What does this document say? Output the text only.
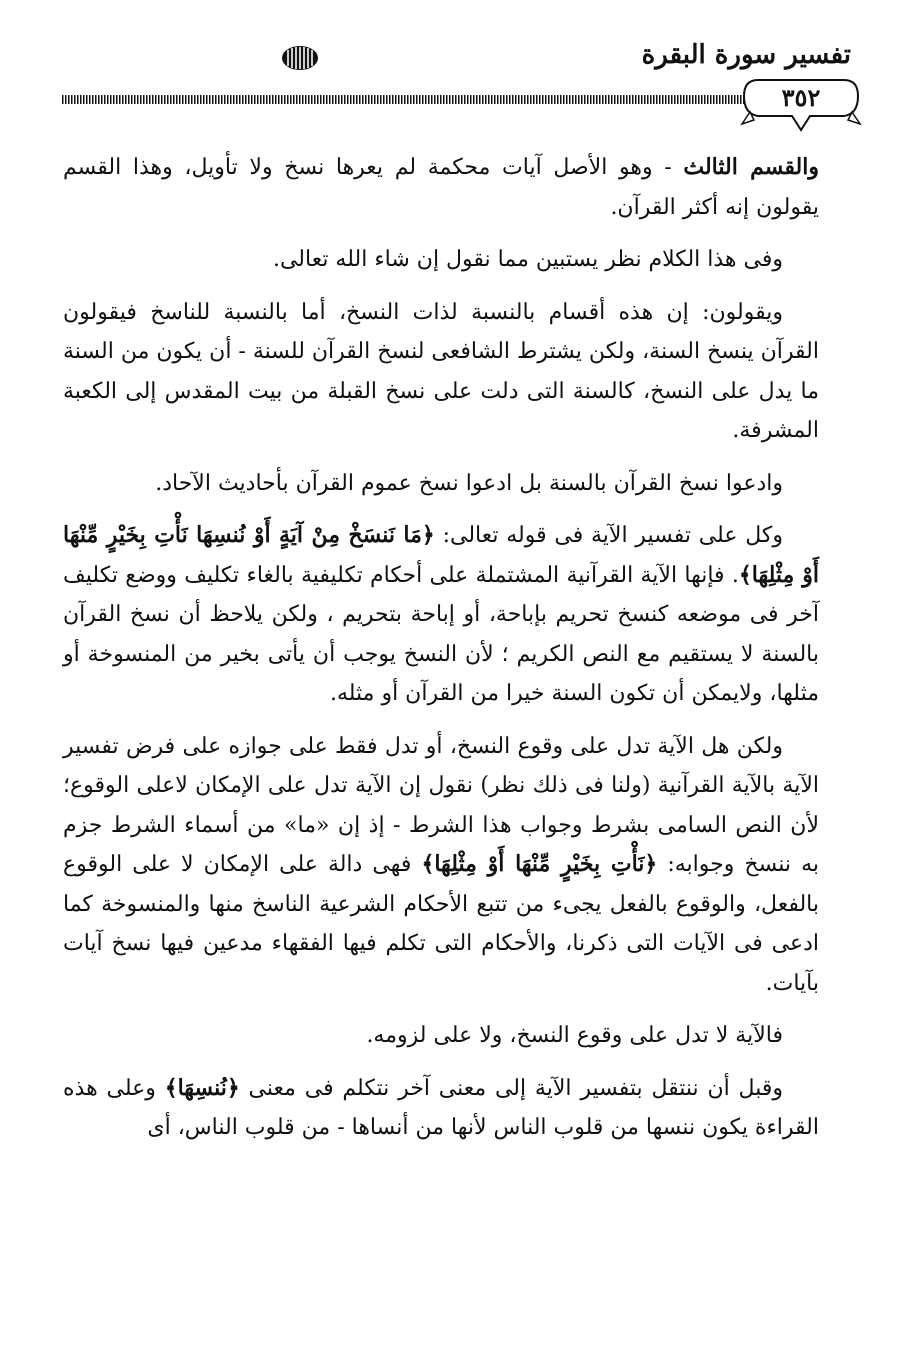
تفسير سورة البقرة
٣٥٢

والقسم الثالث - وهو الأصل آيات محكمة لم يعرها نسخ ولا تأويل، وهذا القسم يقولون إنه أكثر القرآن.

وفى هذا الكلام نظر يستبين مما نقول إن شاء الله تعالى.

ويقولون: إن هذه أقسام بالنسبة لذات النسخ، أما بالنسبة للناسخ فيقولون القرآن ينسخ السنة، ولكن يشترط الشافعى لنسخ القرآن للسنة - أن يكون من السنة ما يدل على النسخ، كالسنة التى دلت على نسخ القبلة من بيت المقدس إلى الكعبة المشرفة.

وادعوا نسخ القرآن بالسنة بل ادعوا نسخ عموم القرآن بأحاديث الآحاد.

وكل على تفسير الآية فى قوله تعالى: ﴿مَا نَنسَخْ مِنْ آيَةٍ أَوْ نُنسِهَا نَأْتِ بِخَيْرٍ مِّنْهَا أَوْ مِثْلِهَا﴾. فإنها الآية القرآنية المشتملة على أحكام تكليفية بالغاء تكليف ووضع تكليف آخر فى موضعه كنسخ تحريم بإباحة، أو إباحة بتحريم ، ولكن يلاحظ أن نسخ القرآن بالسنة لا يستقيم مع النص الكريم ؛ لأن النسخ يوجب أن يأتى بخير من المنسوخة أو مثلها، ولايمكن أن تكون السنة خيرا من القرآن أو مثله.

ولكن هل الآية تدل على وقوع النسخ، أو تدل فقط على جوازه على فرض تفسير الآية بالآية القرآنية (ولنا فى ذلك نظر) نقول إن الآية تدل على الإمكان لاعلى الوقوع؛ لأن النص السامى بشرط وجواب هذا الشرط - إذ إن «ما» من أسماء الشرط جزم به ننسخ وجوابه: ﴿نَأْتِ بِخَيْرٍ مِّنْهَا أَوْ مِثْلِهَا﴾ فهى دالة على الإمكان لا على الوقوع بالفعل، والوقوع بالفعل يجىء من تتبع الأحكام الشرعية الناسخ منها والمنسوخة كما ادعى فى الآيات التى ذكرنا، والأحكام التى تكلم فيها الفقهاء مدعين فيها نسخ آيات بآيات.

فالآية لا تدل على وقوع النسخ، ولا على لزومه.

وقبل أن ننتقل بتفسير الآية إلى معنى آخر نتكلم فى معنى ﴿نُنسِهَا﴾ وعلى هذه القراءة يكون ننسها من قلوب الناس لأنها من أنساها - من قلوب الناس، أى
